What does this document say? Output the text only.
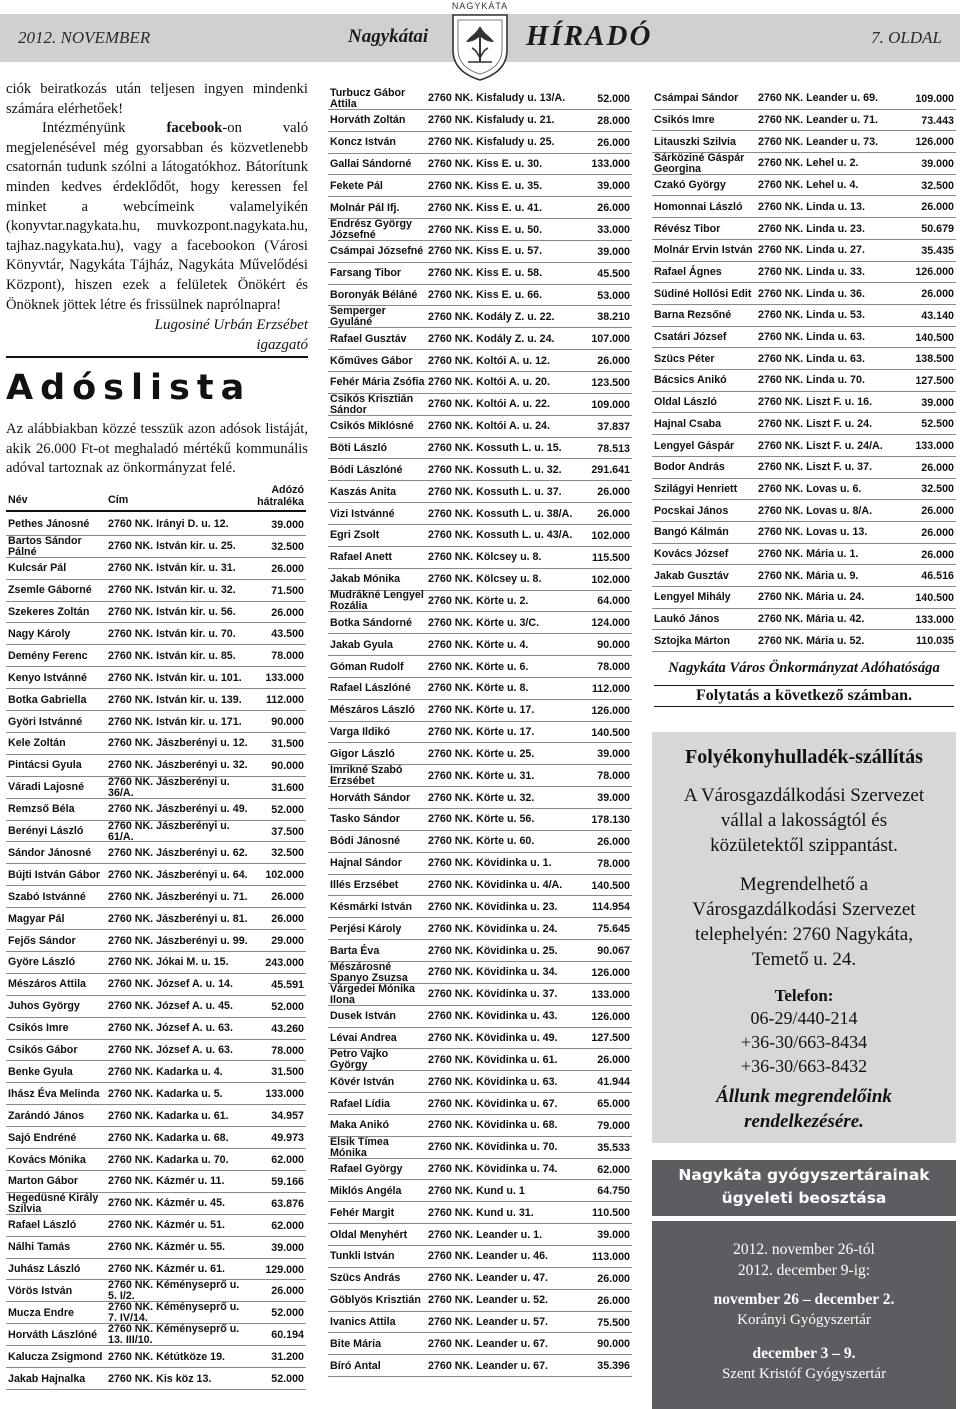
2012. NOVEMBER	Nagykátai
NAGYKÁTA
HÍRADÓ	7. OLDAL

ciók beiratkozás után teljesen ingyen mindenki számára elérhetőek!

Intézményünk facebook-on való megjelenésével még gyorsabban és közvetlenebb csatornán tudunk szólni a látogatókhoz. Bátorítunk minden kedves érdeklődőt, hogy keressen fel minket a webcímeink valamelyikén (konyvtar.nagykata.hu, muvkozpont.nagykata.hu, tajhaz.nagykata.hu), vagy a facebookon (Városi Könyvtár, Nagykáta Tájház, Nagykáta Művelődési Központ), hiszen ezek a felületek Önökért és Önöknek jöttek létre és frissülnek naprólnapra!

Lugosiné Urbán Erzsébet
igazgató
Adóslista
Az alábbiakban közzé tesszük azon adósok listáját, akik 26.000 Ft-ot meghaladó mértékű kommunális adóval tartoznak az önkormányzat felé.
Név	Cím
Adózó
hátraléka
Pethes Jánosné	2760 NK. Irányi D. u. 12.	39.000
Bartos Sándor Pálné	2760 NK. István kir. u. 25.	32.500
Kulcsár Pál	2760 NK. István kir. u. 31.	26.000
Zsemle Gáborné	2760 NK. István kir. u. 32.	71.500
Szekeres Zoltán	2760 NK. István kir. u. 56.	26.000
Nagy Károly	2760 NK. István kir. u. 70.	43.500
Demény Ferenc	2760 NK. István kir. u. 85.	78.000
Kenyo Istvánné	2760 NK. István kir. u. 101.	133.000
Botka Gabriella	2760 NK. István kir. u. 139.	112.000
Györi Istvánné	2760 NK. István kir. u. 171.	90.000
Kele Zoltán	2760 NK. Jászberényi u. 12. 31.500
Pintácsi Gyula	2760 NK. Jászberényi u. 32. 90.000
Váradi Lajosné	2760 NK. Jászberényi u. 36/A.	31.600
Remzső Béla	2760 NK. Jászberényi u. 49. 52.000
Berényi László	2760 NK. Jászberényi u. 61/A.	37.500
Sándor Jánosné	2760 NK. Jászberényi u. 62. 32.500
Bújti István Gábor 2760 NK. Jászberényi u. 64. 102.000
Szabó Istvánné	2760 NK. Jászberényi u. 71. 26.000
Magyar Pál	2760 NK. Jászberényi u. 81. 26.000
Fejős Sándor	2760 NK. Jászberényi u. 99. 29.000
Györe László	2760 NK. Jókai M. u. 15.	243.000
Mészáros Attila	2760 NK. József A. u. 14.	45.591
Juhos György	2760 NK. József A. u. 45.	52.000
Csikós Imre	2760 NK. József A. u. 63.	43.260
Csikós Gábor	2760 NK. József A. u. 63.	78.000
Benke Gyula	2760 NK. Kadarka u. 4.	31.500
Ihász Éva Melinda 2760 NK. Kadarka u. 5.	133.000
Zarándó János	2760 NK. Kadarka u. 61.	34.957
Sajó Endréné	2760 NK. Kadarka u. 68.	49.973
Kovács Mónika	2760 NK. Kadarka u. 70.	62.000
Marton Gábor	2760 NK. Kázmér u. 11.	59.166
Hegedüsné Király Szilvia	2760 NK. Kázmér u. 45.	63.876
Rafael László	2760 NK. Kázmér u. 51.	62.000
Nálhi Tamás	2760 NK. Kázmér u. 55.	39.000
Juhász László	2760 NK. Kázmér u. 61.	129.000
Vörös István	2760 NK. Kéményseprő u. 5. I/2.	26.000
Mucza Endre	2760 NK. Kéményseprő u. 7. IV/14.	52.000
Horváth Lászlóné	2760 NK. Kéményseprő u. 13. III/10.	60.194
Kalucza Zsigmond 2760 NK. Kétútköze 19.	31.200
Jakab Hajnalka	2760 NK. Kis köz 13.	52.000
Turbucz Gábor Attila	2760 NK. Kisfaludy u. 13/A.	52.000
Horváth Zoltán	2760 NK. Kisfaludy u. 21.	28.000
Koncz István	2760 NK. Kisfaludy u. 25.	26.000
Gallai Sándorné	2760 NK. Kiss E. u. 30.	133.000
Fekete Pál	2760 NK. Kiss E. u. 35.	39.000
Molnár Pál Ifj.	2760 NK. Kiss E. u. 41.	26.000
Endrész György Józsefné	2760 NK. Kiss E. u. 50.	33.000
Csámpai Józsefné 2760 NK. Kiss E. u. 57.	39.000
Farsang Tibor	2760 NK. Kiss E. u. 58.	45.500
Boronyák Béláné 2760 NK. Kiss E. u. 66.	53.000
Semperger Gyuláné	2760 NK. Kodály Z. u. 22.	38.210
Rafael Gusztáv	2760 NK. Kodály Z. u. 24.	107.000
Kőműves Gábor	2760 NK. Koltói A. u. 12.	26.000
Fehér Mária Zsófia 2760 NK. Koltói A. u. 20.	123.500
Csikós Krisztián Sándor	2760 NK. Koltói A. u. 22.	109.000
Csikós Miklósné	2760 NK. Koltói A. u. 24.	37.837
Böti László	2760 NK. Kossuth L. u. 15.	78.513
Bódi Lászlóné	2760 NK. Kossuth L. u. 32.	291.641
Kaszás Anita	2760 NK. Kossuth L. u. 37.	26.000
Vizi Istvánné	2760 NK. Kossuth L. u. 38/A.	26.000
Egri Zsolt	2760 NK. Kossuth L. u. 43/A.	102.000
Rafael Anett	2760 NK. Kölcsey u. 8.	115.500
Jakab Mónika	2760 NK. Kölcsey u. 8.	102.000
Mudrákné Lengyel Rozália	2760 NK. Körte u. 2.	64.000
Botka Sándorné	2760 NK. Körte u. 3/C.	124.000
Jakab Gyula	2760 NK. Körte u. 4.	90.000
Góman Rudolf	2760 NK. Körte u. 6.	78.000
Rafael Lászlóné	2760 NK. Körte u. 8.	112.000
Mészáros László	2760 NK. Körte u. 17.	126.000
Varga Ildikó	2760 NK. Körte u. 17.	140.500
Gigor László	2760 NK. Körte u. 25.	39.000
Imrikné Szabó Erzsébet	2760 NK. Körte u. 31.	78.000
Horváth Sándor	2760 NK. Körte u. 32.	39.000
Tasko Sándor	2760 NK. Körte u. 56.	178.130
Bódi Jánosné	2760 NK. Körte u. 60.	26.000
Hajnal Sándor	2760 NK. Kövidinka u. 1.	78.000
Illés Erzsébet	2760 NK. Kövidinka u. 4/A.	140.500
Késmárki István	2760 NK. Kövidinka u. 23.	114.954
Perjési Károly	2760 NK. Kövidinka u. 24.	75.645
Barta Éva	2760 NK. Kövidinka u. 25.	90.067
Mészárosné Spanyo Zsuzsa	2760 NK. Kövidinka u. 34.	126.000
Várgedei Mónika Ilona	2760 NK. Kövidinka u. 37.	133.000
Dusek István	2760 NK. Kövidinka u. 43.	126.000
Lévai Andrea	2760 NK. Kövidinka u. 49.	127.500
Petro Vajko György	2760 NK. Kövidinka u. 61.	26.000
Kövér István	2760 NK. Kövidinka u. 63.	41.944
Rafael Lídia	2760 NK. Kövidinka u. 67.	65.000
Maka Anikó	2760 NK. Kövidinka u. 68.	79.000
Elsik Tímea Mónika	2760 NK. Kövidinka u. 70.	35.533
Rafael György	2760 NK. Kövidinka u. 74.	62.000
Miklós Angéla	2760 NK. Kund u. 1	64.750
Fehér Margit	2760 NK. Kund u. 31.	110.500
Oldal Menyhért	2760 NK. Leander u. 1.	39.000
Tunkli István	2760 NK. Leander u. 46.	113.000
Szücs András	2760 NK. Leander u. 47.	26.000
Göblyös Krisztián 2760 NK. Leander u. 52.	26.000
Ivanics Attila	2760 NK. Leander u. 57.	75.500
Bite Mária	2760 NK. Leander u. 67.	90.000
Bíró Antal	2760 NK. Leander u. 67.	35.396
Csámpai Sándor	2760 NK. Leander u. 69.	109.000
Csikós Imre	2760 NK. Leander u. 71.	73.443
Litauszki Szilvia	2760 NK. Leander u. 73.	126.000
Sárköziné Gáspár Georgina	2760 NK. Lehel u. 2.	39.000
Czakó György	2760 NK. Lehel u. 4.	32.500
Homonnai László	2760 NK. Linda u. 13.	26.000
Révész Tibor	2760 NK. Linda u. 23.	50.679
Molnár Ervin István 2760 NK. Linda u. 27.	35.435
Rafael Ágnes	2760 NK. Linda u. 33.	126.000
Südiné Hollósi Edit 2760 NK. Linda u. 36.	26.000
Barna Rezsőné	2760 NK. Linda u. 53.	43.140
Csatári József	2760 NK. Linda u. 63.	140.500
Szücs Péter	2760 NK. Linda u. 63.	138.500
Bácsics Anikó	2760 NK. Linda u. 70.	127.500
Oldal László	2760 NK. Liszt F. u. 16.	39.000
Hajnal Csaba	2760 NK. Liszt F. u. 24.	52.500
Lengyel Gáspár	2760 NK. Liszt F. u. 24/A.	133.000
Bodor András	2760 NK. Liszt F. u. 37.	26.000
Szilágyi Henriett	2760 NK. Lovas u. 6.	32.500
Pocskai János	2760 NK. Lovas u. 8/A.	26.000
Bangó Kálmán	2760 NK. Lovas u. 13.	26.000
Kovács József	2760 NK. Mária u. 1.	26.000
Jakab Gusztáv	2760 NK. Mária u. 9.	46.516
Lengyel Mihály	2760 NK. Mária u. 24.	140.500
Laukó János	2760 NK. Mária u. 42.	133.000
Sztojka Márton	2760 NK. Mária u. 52.	110.035
Nagykáta Város Önkormányzat Adóhatósága
Folytatás a következő számban.
Folyékonyhulladék-szállítás
A Városgazdálkodási Szervezet vállal a lakosságtól és közületektől szippantást.
Megrendelhető a Városgazdálkodási Szervezet telephelyén: 2760 Nagykáta, Temető u. 24.
Telefon:
06-29/440-214
+36-30/663-8434
+36-30/663-8432
Állunk megrendelőink rendelkezésére.
Nagykáta gyógyszertárainak
ügyeleti beosztása
2012. november 26-tól
2012. december 9-ig:
november 26 – december 2.
Korányi Gyógyszertár
december 3 – 9.
Szent Kristóf Gyógyszertár
